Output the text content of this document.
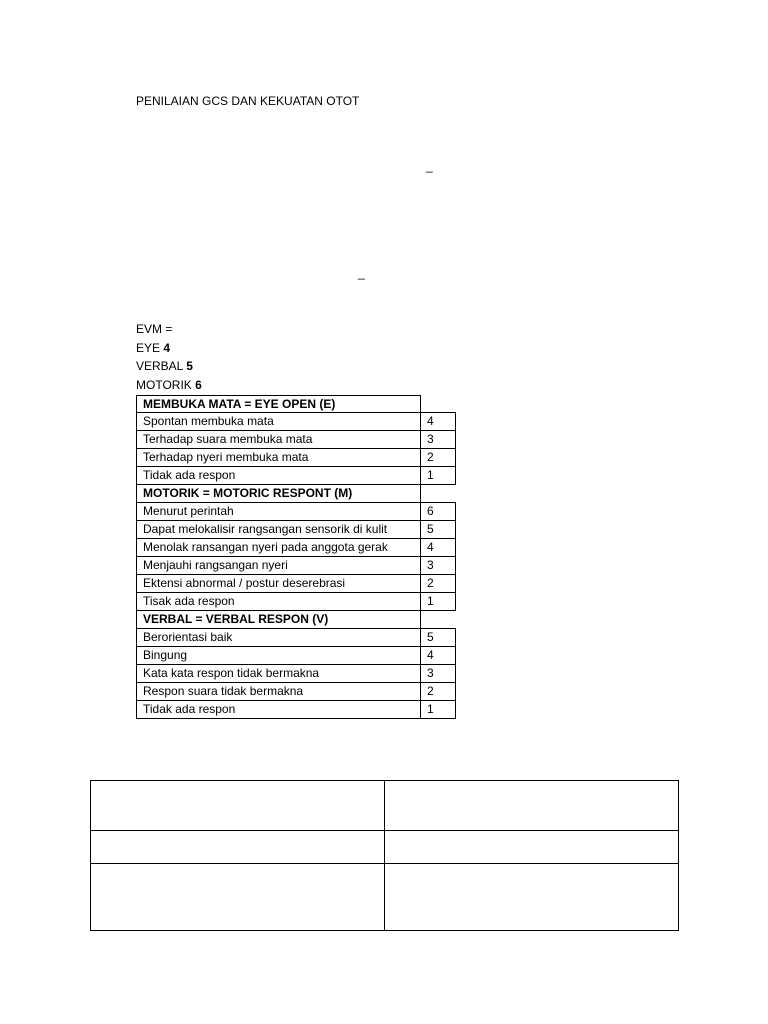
PENILAIAN GCS DAN KEKUATAN OTOT
_
_
EVM =
EYE 4
VERBAL 5
MOTORIK 6
MEMBUKA MATA = EYE OPEN (E)
Spontan membuka mata	4
Terhadap suara membuka mata	3
Terhadap nyeri membuka mata	2
Tidak ada respon	1
MOTORIK = MOTORIC RESPONT (M)
Menurut perintah	6
Dapat melokalisir rangsangan sensorik di kulit	5
Menolak ransangan nyeri pada anggota gerak	4
Menjauhi rangsangan nyeri	3
Ektensi abnormal / postur deserebrasi	2
Tisak ada respon	1
VERBAL = VERBAL RESPON (V)
Berorientasi baik	5
Bingung	4
Kata kata respon tidak bermakna	3
Respon suara tidak bermakna	2
Tidak ada respon	1
